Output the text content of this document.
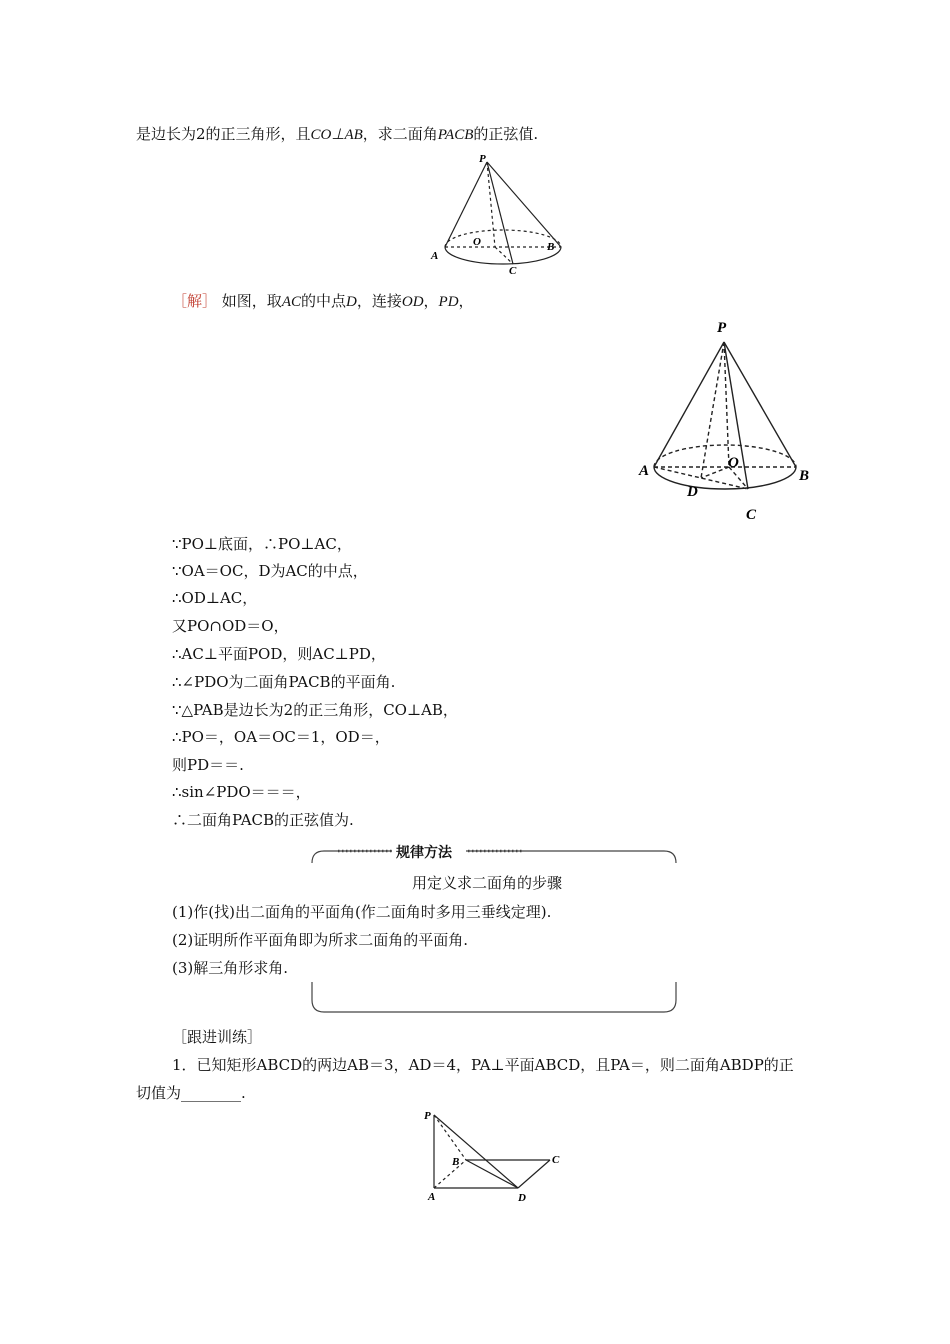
是边长为2的正三角形，且CO⊥AB，求二面角PACB的正弦值.
P
A
B
O
C
［解］ 如图，取AC的中点D，连接OD，PD，
P
A	B
O
D
C
∵PO⊥底面，∴PO⊥AC，
∵OA＝OC，D为AC的中点，
∴OD⊥AC，
又PO∩OD＝O，
∴AC⊥平面POD，则AC⊥PD，
∴∠PDO为二面角PACB的平面角.
∵△PAB是边长为2的正三角形，CO⊥AB，
∴PO＝，OA＝OC＝1，OD＝，
则PD＝＝.
∴sin∠PDO＝＝＝，
∴二面角PACB的正弦值为.
规律方法
用定义求二面角的步骤
(1)作(找)出二面角的平面角(作二面角时多用三垂线定理).
(2)证明所作平面角即为所求二面角的平面角.
(3)解三角形求角.
［跟进训练］
1．已知矩形ABCD的两边AB＝3，AD＝4，PA⊥平面ABCD，且PA＝，则二面角ABDP的正
切值为________.
P
A
B	C
D
